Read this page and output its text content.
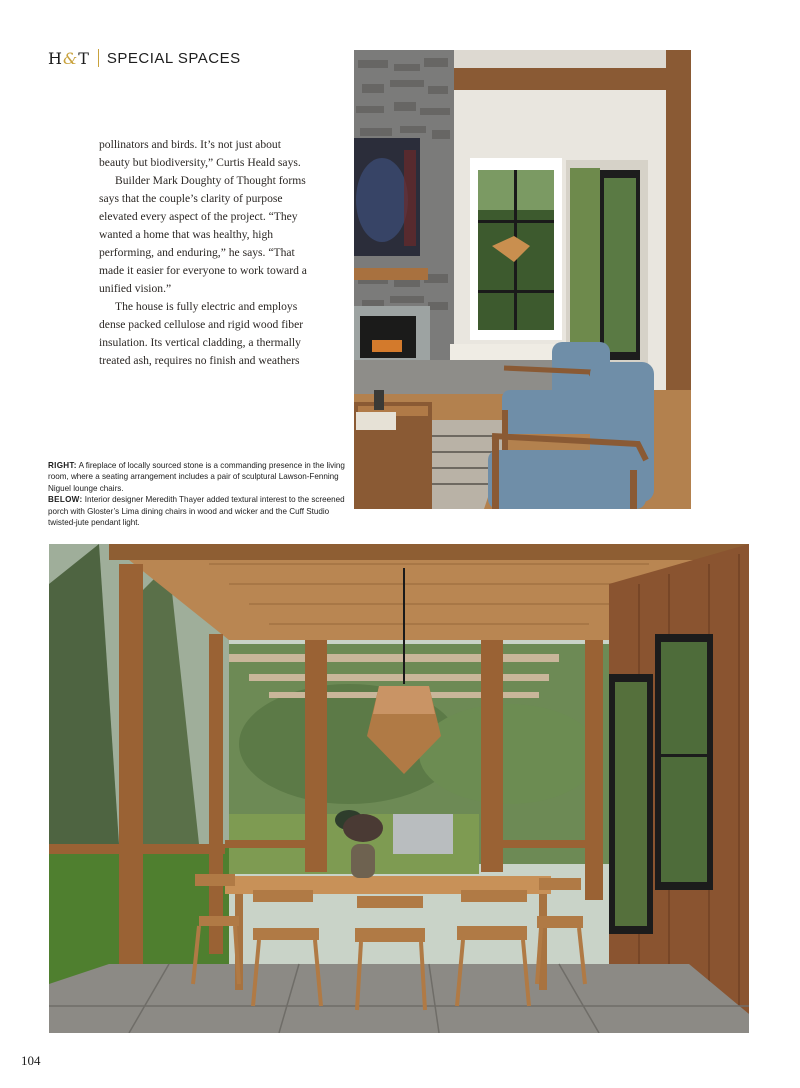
H&T SPECIAL SPACES

pollinators and birds. It’s not just about beauty but biodiversity,” Curtis Heald says.

Builder Mark Doughty of Thought forms says that the couple’s clarity of purpose elevated every aspect of the project. “They wanted a home that was healthy, high performing, and enduring,” he says. “That made it easier for everyone to work toward a unified vision.”

The house is fully electric and employs dense packed cellulose and rigid wood fiber insulation. Its vertical cladding, a thermally treated ash, requires no finish and weathers

RIGHT: A fireplace of locally sourced stone is a commanding presence in the living room, where a seating arrangement includes a pair of sculptural Lawson-Fenning Niguel lounge chairs.

BELOW: Interior designer Meredith Thayer added textural interest to the screened porch with Gloster’s Lima dining chairs in wood and wicker and the Cuff Studio twisted-jute pendant light.

104
